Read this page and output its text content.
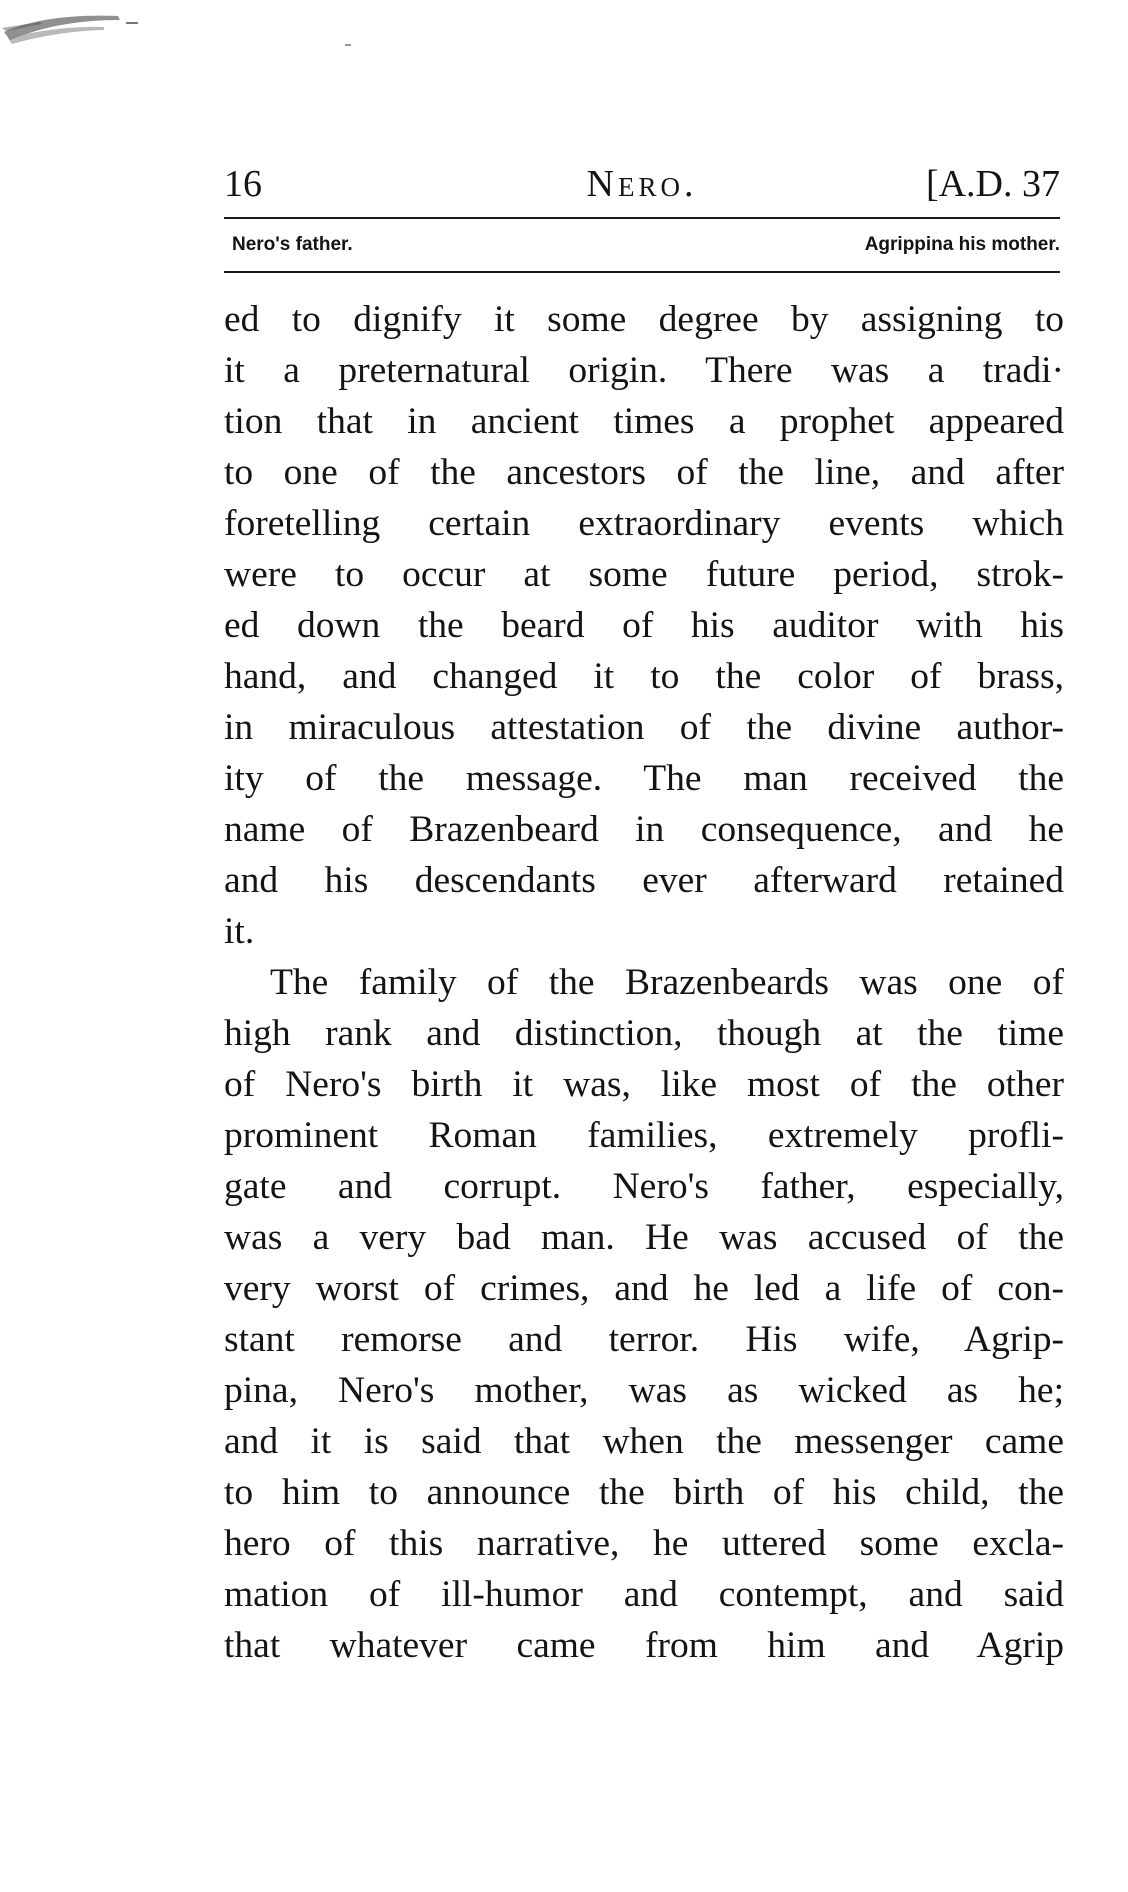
16	Nero.	[A.D. 37
Nero's father.	Agrippina his mother.
ed to dignify it some degree by assigning to
it a preternatural origin. There was a tradi·
tion that in ancient times a prophet appeared
to one of the ancestors of the line, and after
foretelling certain extraordinary events which
were to occur at some future period, strok-
ed down the beard of his auditor with his
hand, and changed it to the color of brass,
in miraculous attestation of the divine author-
ity of the message. The man received the
name of Brazenbeard in consequence, and he
and his descendants ever afterward retained
it.
The family of the Brazenbeards was one of
high rank and distinction, though at the time
of Nero's birth it was, like most of the other
prominent Roman families, extremely profli-
gate and corrupt. Nero's father, especially,
was a very bad man. He was accused of the
very worst of crimes, and he led a life of con-
stant remorse and terror. His wife, Agrip-
pina, Nero's mother, was as wicked as he;
and it is said that when the messenger came
to him to announce the birth of his child, the
hero of this narrative, he uttered some excla-
mation of ill-humor and contempt, and said
that whatever came from him and Agrip
